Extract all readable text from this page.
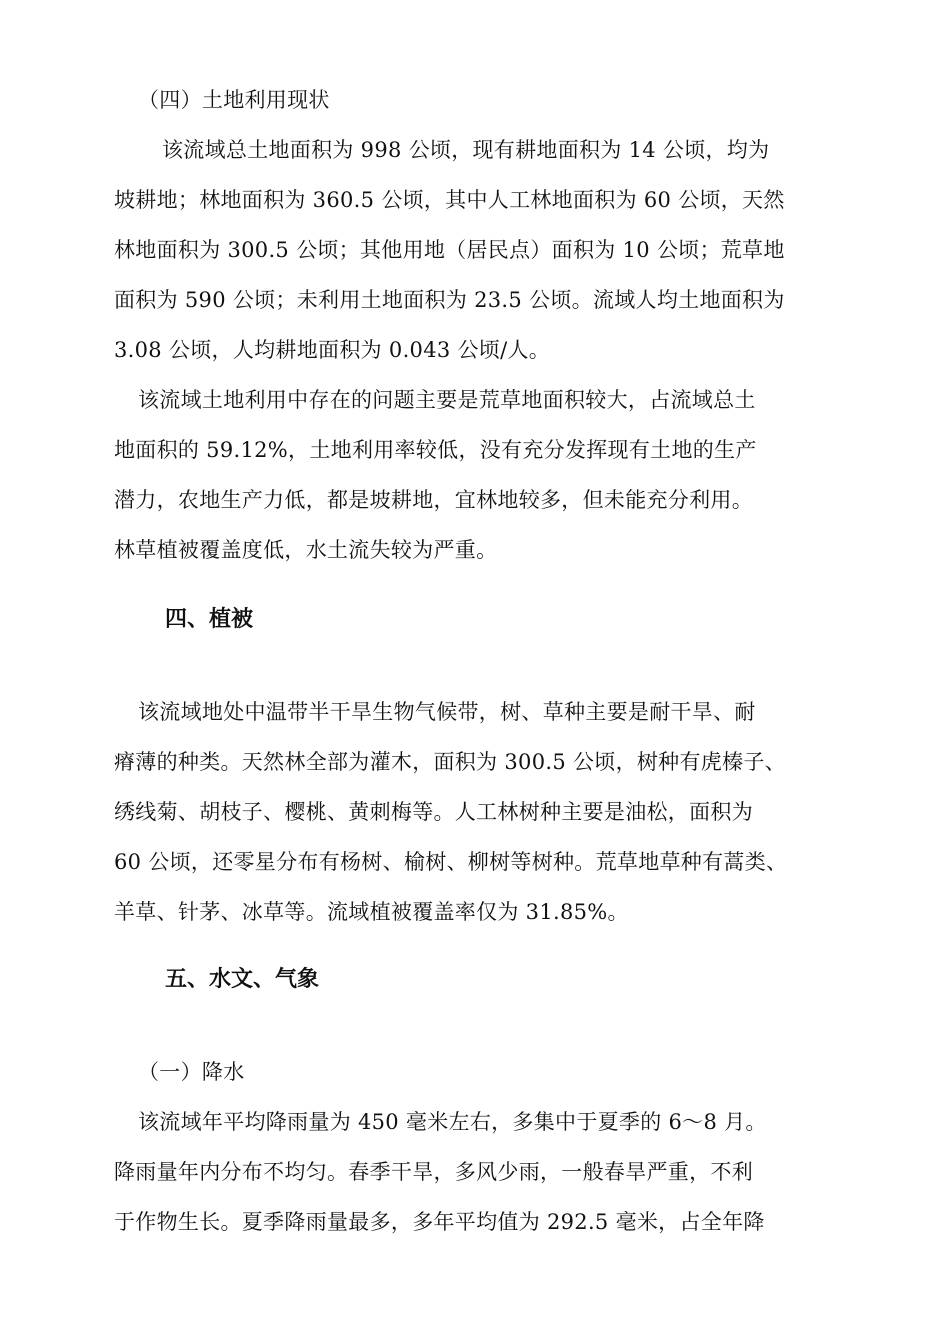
（四）土地利用现状
该流域总土地面积为 998 公顷，现有耕地面积为 14 公顷，均为
坡耕地；林地面积为 360.5 公顷，其中人工林地面积为 60 公顷，天然
林地面积为 300.5 公顷；其他用地（居民点）面积为 10 公顷；荒草地
面积为 590 公顷；未利用土地面积为 23.5 公顷。流域人均土地面积为
3.08 公顷，人均耕地面积为 0.043 公顷/人。
该流域土地利用中存在的问题主要是荒草地面积较大，占流域总土
地面积的 59.12%，土地利用率较低，没有充分发挥现有土地的生产
潜力，农地生产力低，都是坡耕地，宜林地较多，但未能充分利用。
林草植被覆盖度低，水土流失较为严重。
四、植被
该流域地处中温带半干旱生物气候带，树、草种主要是耐干旱、耐
瘠薄的种类。天然林全部为灌木，面积为 300.5 公顷，树种有虎榛子、
绣线菊、胡枝子、樱桃、黄刺梅等。人工林树种主要是油松，面积为
60 公顷，还零星分布有杨树、榆树、柳树等树种。荒草地草种有蒿类、
羊草、针茅、冰草等。流域植被覆盖率仅为 31.85%。
五、水文、气象
（一）降水
该流域年平均降雨量为 450 毫米左右，多集中于夏季的 6～8 月。
降雨量年内分布不均匀。春季干旱，多风少雨，一般春旱严重，不利
于作物生长。夏季降雨量最多，多年平均值为 292.5 毫米，占全年降
